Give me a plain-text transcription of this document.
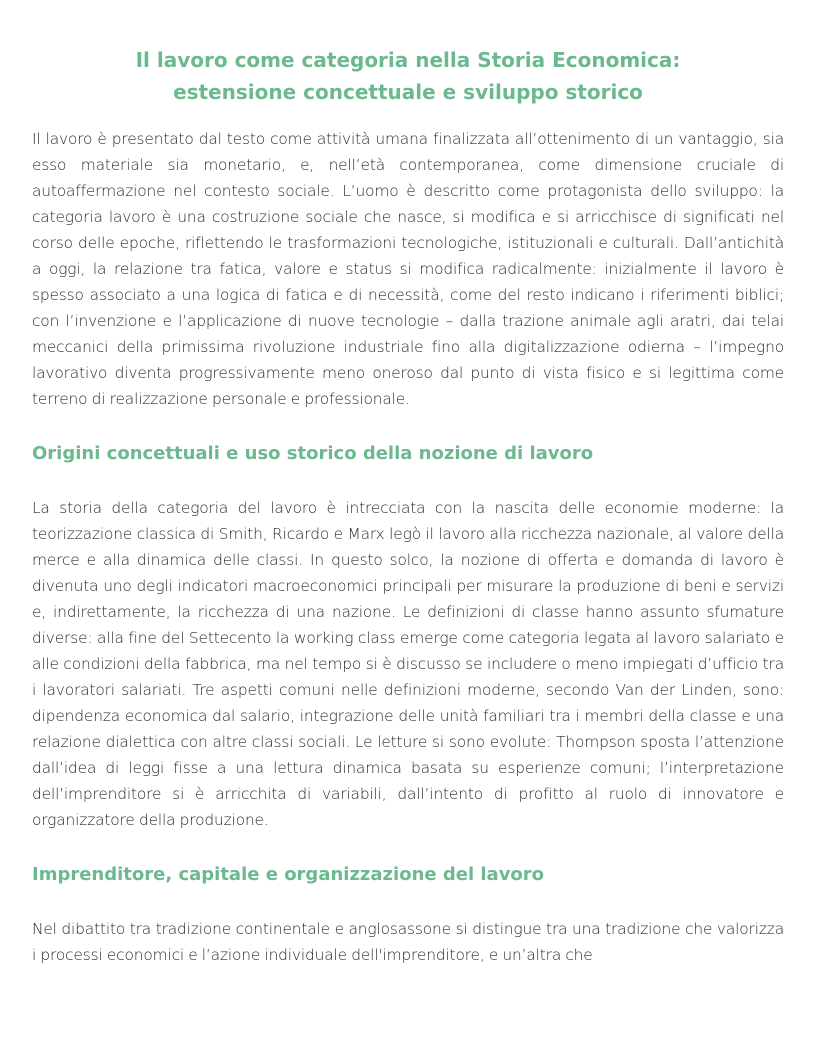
Il lavoro come categoria nella Storia Economica: estensione concettuale e sviluppo storico

Il lavoro è presentato dal testo come attività umana finalizzata all’ottenimento di un vantaggio, sia esso materiale sia monetario, e, nell’età contemporanea, come dimensione cruciale di autoaffermazione nel contesto sociale. L’uomo è descritto come protagonista dello sviluppo: la categoria lavoro è una costruzione sociale che nasce, si modifica e si arricchisce di significati nel corso delle epoche, riflettendo le trasformazioni tecnologiche, istituzionali e culturali. Dall’antichità a oggi, la relazione tra fatica, valore e status si modifica radicalmente: inizialmente il lavoro è spesso associato a una logica di fatica e di necessità, come del resto indicano i riferimenti biblici; con l’invenzione e l’applicazione di nuove tecnologie – dalla trazione animale agli aratri, dai telai meccanici della primissima rivoluzione industriale fino alla digitalizzazione odierna – l’impegno lavorativo diventa progressivamente meno oneroso dal punto di vista fisico e si legittima come terreno di realizzazione personale e professionale.

Origini concettuali e uso storico della nozione di lavoro

La storia della categoria del lavoro è intrecciata con la nascita delle economie moderne: la teorizzazione classica di Smith, Ricardo e Marx legò il lavoro alla ricchezza nazionale, al valore della merce e alla dinamica delle classi. In questo solco, la nozione di offerta e domanda di lavoro è divenuta uno degli indicatori macroeconomici principali per misurare la produzione di beni e servizi e, indirettamente, la ricchezza di una nazione. Le definizioni di classe hanno assunto sfumature diverse: alla fine del Settecento la working class emerge come categoria legata al lavoro salariato e alle condizioni della fabbrica, ma nel tempo si è discusso se includere o meno impiegati d’ufficio tra i lavoratori salariati. Tre aspetti comuni nelle definizioni moderne, secondo Van der Linden, sono: dipendenza economica dal salario, integrazione delle unità familiari tra i membri della classe e una relazione dialettica con altre classi sociali. Le letture si sono evolute: Thompson sposta l’attenzione dall’idea di leggi fisse a una lettura dinamica basata su esperienze comuni; l’interpretazione dell’imprenditore si è arricchita di variabili, dall’intento di profitto al ruolo di innovatore e organizzatore della produzione.

Imprenditore, capitale e organizzazione del lavoro

Nel dibattito tra tradizione continentale e anglosassone si distingue tra una tradizione che valorizza i processi economici e l’azione individuale dell'imprenditore, e un’altra che
